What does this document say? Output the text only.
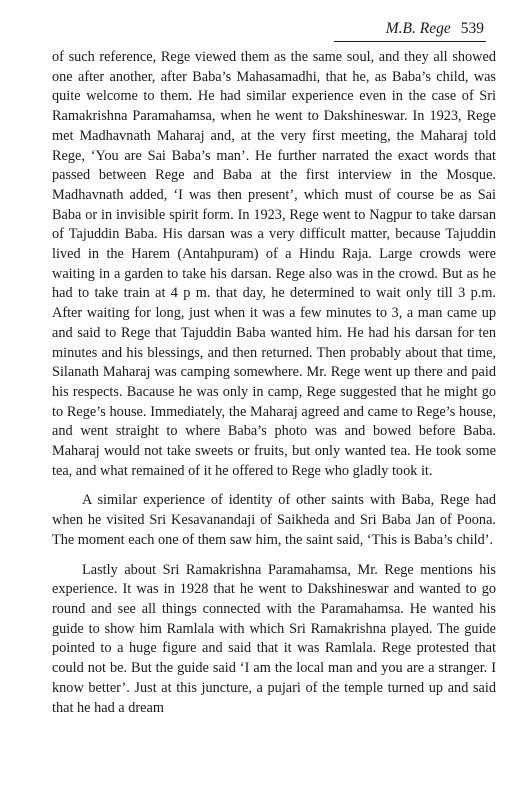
M.B. Rege 539

of such reference, Rege viewed them as the same soul, and they all showed one after another, after Baba’s Mahasamadhi, that he, as Baba’s child, was quite welcome to them. He had similar experience even in the case of Sri Ramakrishna Paramahamsa, when he went to Dakshineswar. In 1923, Rege met Madhavnath Maharaj and, at the very first meeting, the Maharaj told Rege, ‘You are Sai Baba’s man’. He further narrated the exact words that passed between Rege and Baba at the first interview in the Mosque. Madhavnath added, ‘I was then present’, which must of course be as Sai Baba or in invisible spirit form. In 1923, Rege went to Nagpur to take darsan of Tajuddin Baba. His darsan was a very difficult matter, because Tajuddin lived in the Harem (Antahpuram) of a Hindu Raja. Large crowds were waiting in a garden to take his darsan. Rege also was in the crowd. But as he had to take train at 4 p m. that day, he determined to wait only till 3 p.m. After waiting for long, just when it was a few minutes to 3, a man came up and said to Rege that Tajuddin Baba wanted him. He had his darsan for ten minutes and his blessings, and then returned. Then probably about that time, Silanath Maharaj was camping somewhere. Mr. Rege went up there and paid his respects. Bacause he was only in camp, Rege suggested that he might go to Rege’s house. Immediately, the Maharaj agreed and came to Rege’s house, and went straight to where Baba’s photo was and bowed before Baba. Maharaj would not take sweets or fruits, but only wanted tea. He took some tea, and what remained of it he offered to Rege who gladly took it.

A similar experience of identity of other saints with Baba, Rege had when he visited Sri Kesavanandaji of Saikheda and Sri Baba Jan of Poona. The moment each one of them saw him, the saint said, ‘This is Baba’s child’.

Lastly about Sri Ramakrishna Paramahamsa, Mr. Rege mentions his experience. It was in 1928 that he went to Dakshineswar and wanted to go round and see all things connected with the Paramahamsa. He wanted his guide to show him Ramlala with which Sri Ramakrishna played. The guide pointed to a huge figure and said that it was Ramlala. Rege protested that could not be. But the guide said ‘I am the local man and you are a stranger. I know better’. Just at this juncture, a pujari of the temple turned up and said that he had a dream
